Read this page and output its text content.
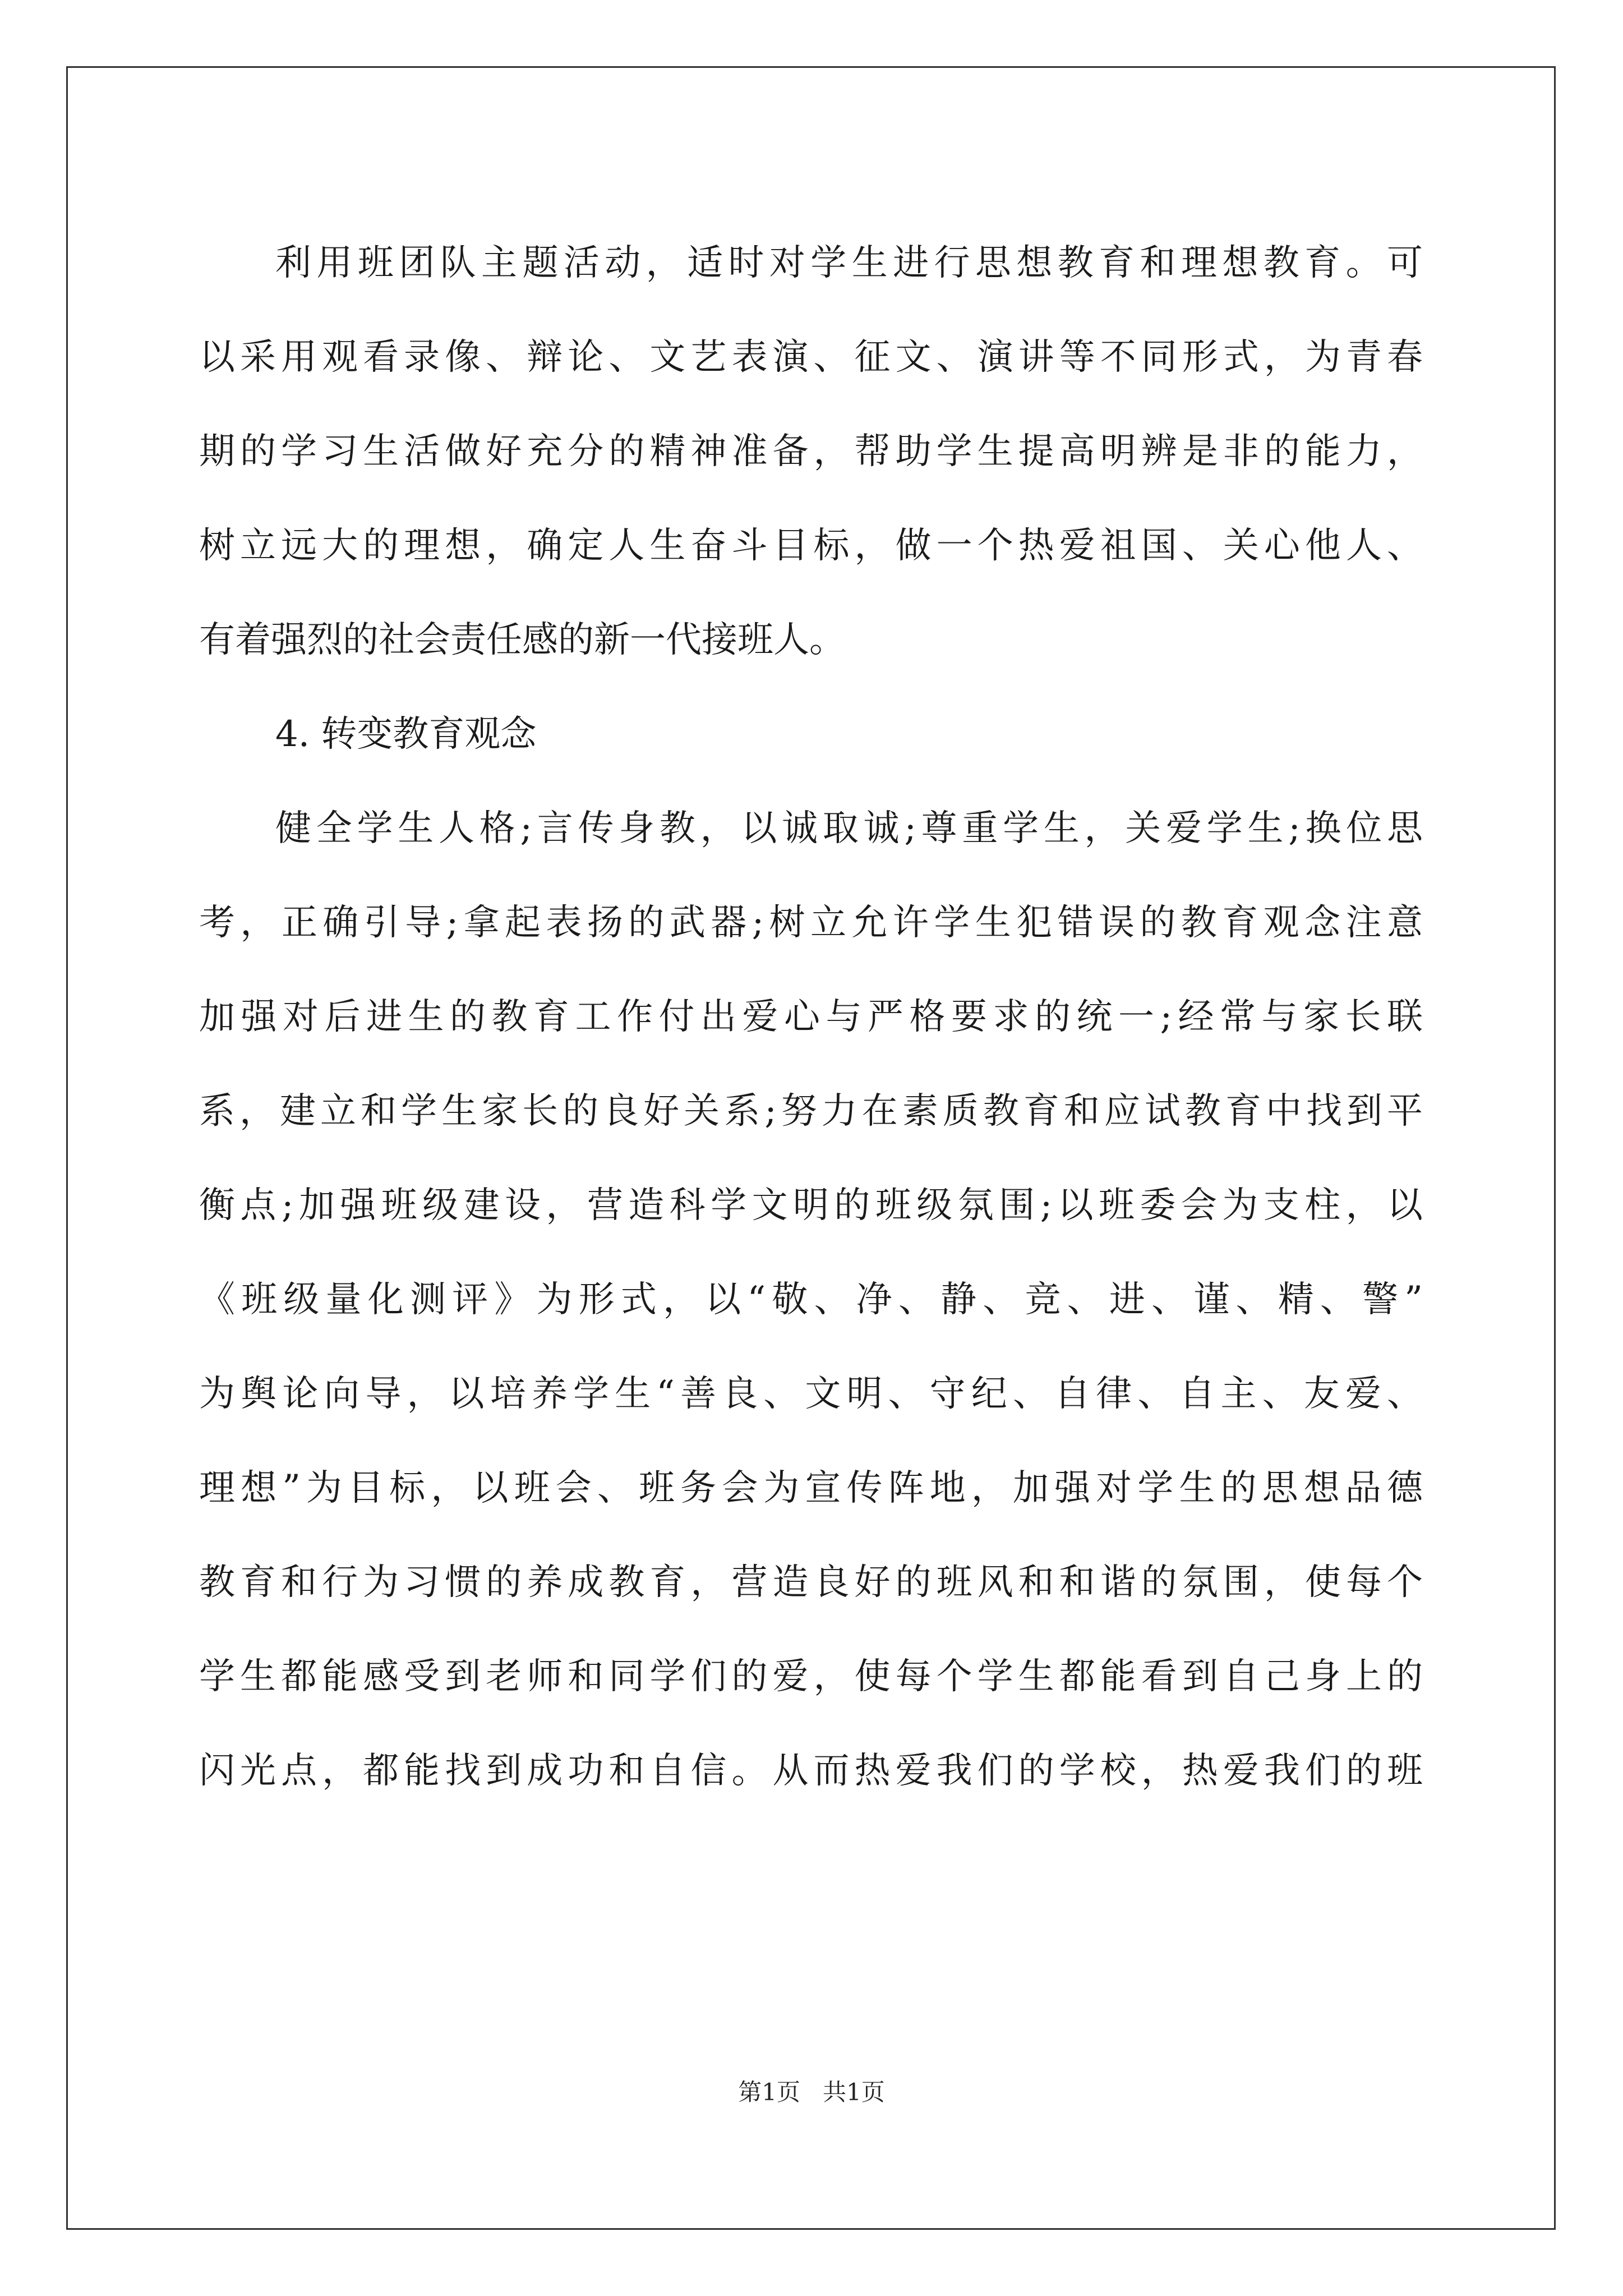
利用班团队主题活动，适时对学生进行思想教育和理想教育。可
以采用观看录像、辩论、文艺表演、征文、演讲等不同形式，为青春
期的学习生活做好充分的精神准备，帮助学生提高明辨是非的能力，
树立远大的理想，确定人生奋斗目标，做一个热爱祖国、关心他人、
有着强烈的社会责任感的新一代接班人。
4. 转变教育观念
健全学生人格;言传身教，以诚取诚;尊重学生，关爱学生;换位思
考，正确引导;拿起表扬的武器;树立允许学生犯错误的教育观念注意
加强对后进生的教育工作付出爱心与严格要求的统一;经常与家长联
系，建立和学生家长的良好关系;努力在素质教育和应试教育中找到平
衡点;加强班级建设，营造科学文明的班级氛围;以班委会为支柱，以
《班级量化测评》为形式，以“敬、净、静、竞、进、谨、精、警”
为舆论向导，以培养学生“善良、文明、守纪、自律、自主、友爱、
理想”为目标，以班会、班务会为宣传阵地，加强对学生的思想品德
教育和行为习惯的养成教育，营造良好的班风和和谐的氛围，使每个
学生都能感受到老师和同学们的爱，使每个学生都能看到自己身上的
闪光点，都能找到成功和自信。从而热爱我们的学校，热爱我们的班
第1页 共1页
